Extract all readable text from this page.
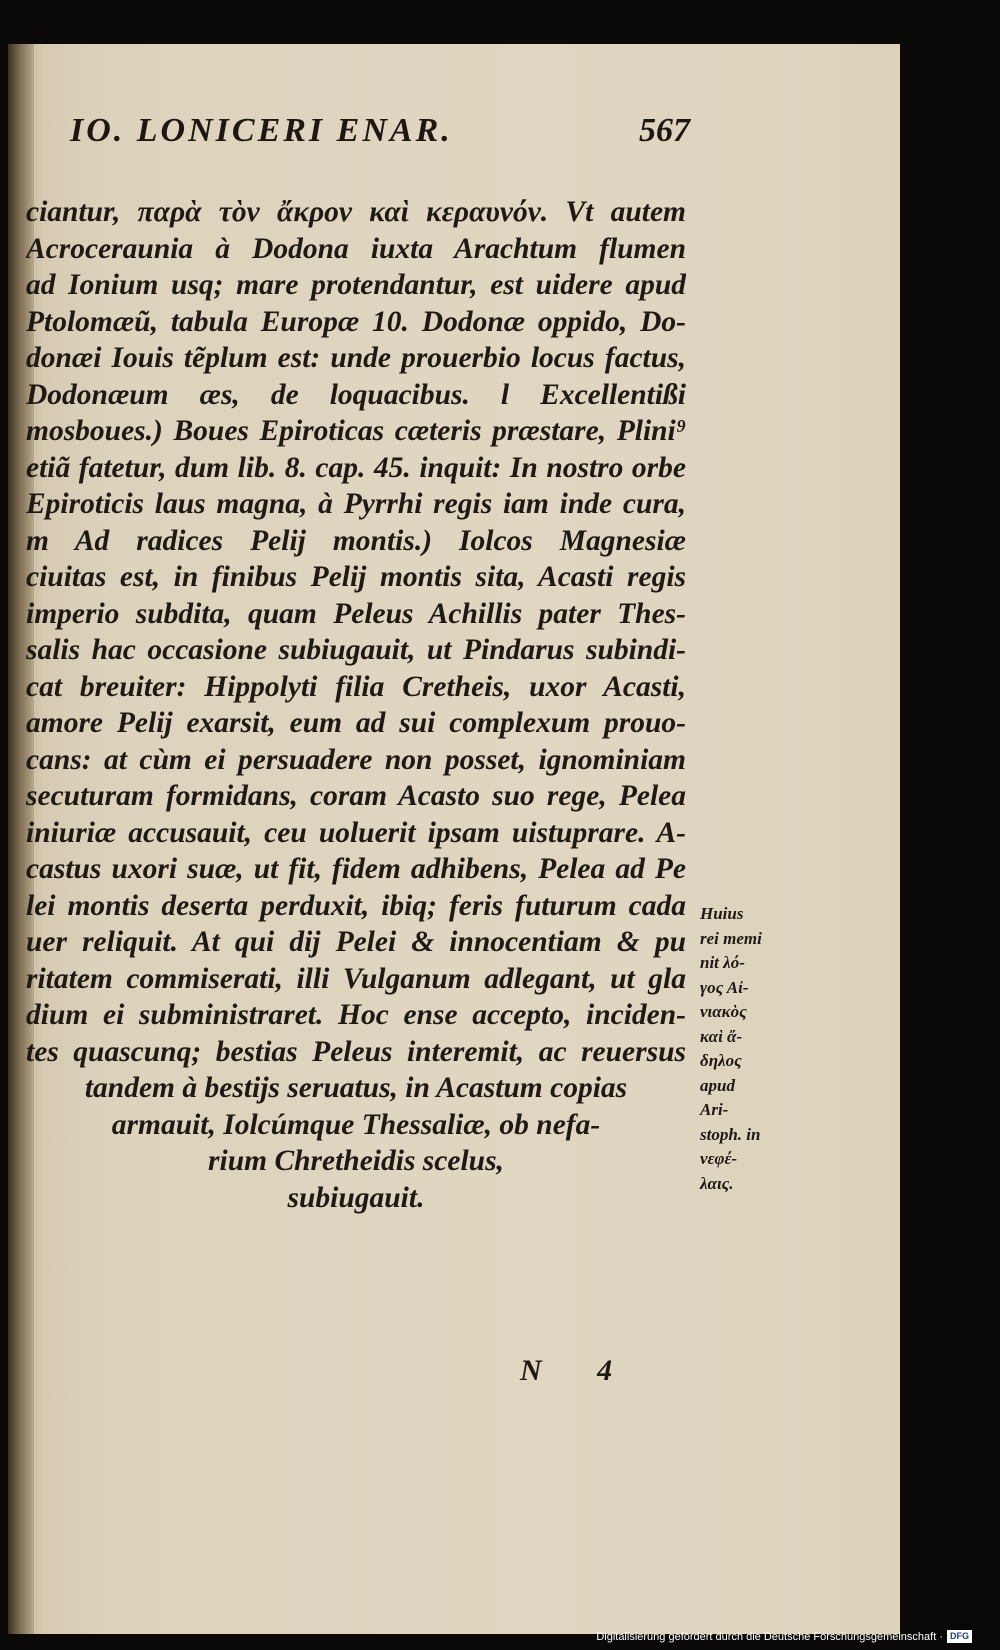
IO. LONICERI ENAR.	567
ciantur, παρὰ τὸν ἄκρον καὶ κεραυνόν. Vt autem
Acroceraunia à Dodona iuxta Arachtum flumen
ad Ionium usq; mare protendantur, est uidere apud
Ptolomæũ, tabula Europæ 10. Dodonæ oppido, Do-
donæi Iouis tẽplum est: unde prouerbio locus factus,
Dodonæum æs, de loquacibus. l Excellentißi
mosboues.) Boues Epiroticas cæteris præstare, Plini⁹
etiã fatetur, dum lib. 8. cap. 45. inquit: In nostro orbe
Epiroticis laus magna, à Pyrrhi regis iam inde cura,
m Ad radices Pelij montis.) Iolcos Magnesiæ
ciuitas est, in finibus Pelij montis sita, Acasti regis
imperio subdita, quam Peleus Achillis pater Thes-
salis hac occasione subiugauit, ut Pindarus subindi-
cat breuiter: Hippolyti filia Cretheis, uxor Acasti,
amore Pelij exarsit, eum ad sui complexum prouo-
cans: at cùm ei persuadere non posset, ignominiam
secuturam formidans, coram Acasto suo rege, Pelea
iniuriæ accusauit, ceu uoluerit ipsam uistuprare. A-
castus uxori suæ, ut fit, fidem adhibens, Pelea ad Pe
lei montis deserta perduxit, ibiq; feris futurum cada
uer reliquit. At qui dij Pelei & innocentiam & pu
ritatem commiserati, illi Vulganum adlegant, ut gla
dium ei subministraret. Hoc ense accepto, inciden-
tes quascunq; bestias Peleus interemit, ac reuersus
tandem à bestijs seruatus, in Acastum copias
armauit, Iolcúmque Thessaliæ, ob nefa-
rium Chretheidis scelus,
subiugauit.
Huius
rei memi
nit λό-
γος Αἰ-
νιακὸς
καὶ ἄ-
δηλος
apud
Ari-
stoph. in
νεφέ-
λαις.
N 4
Digitalisierung gefördert durch die Deutsche Forschungsgemeinschaft · DFG
